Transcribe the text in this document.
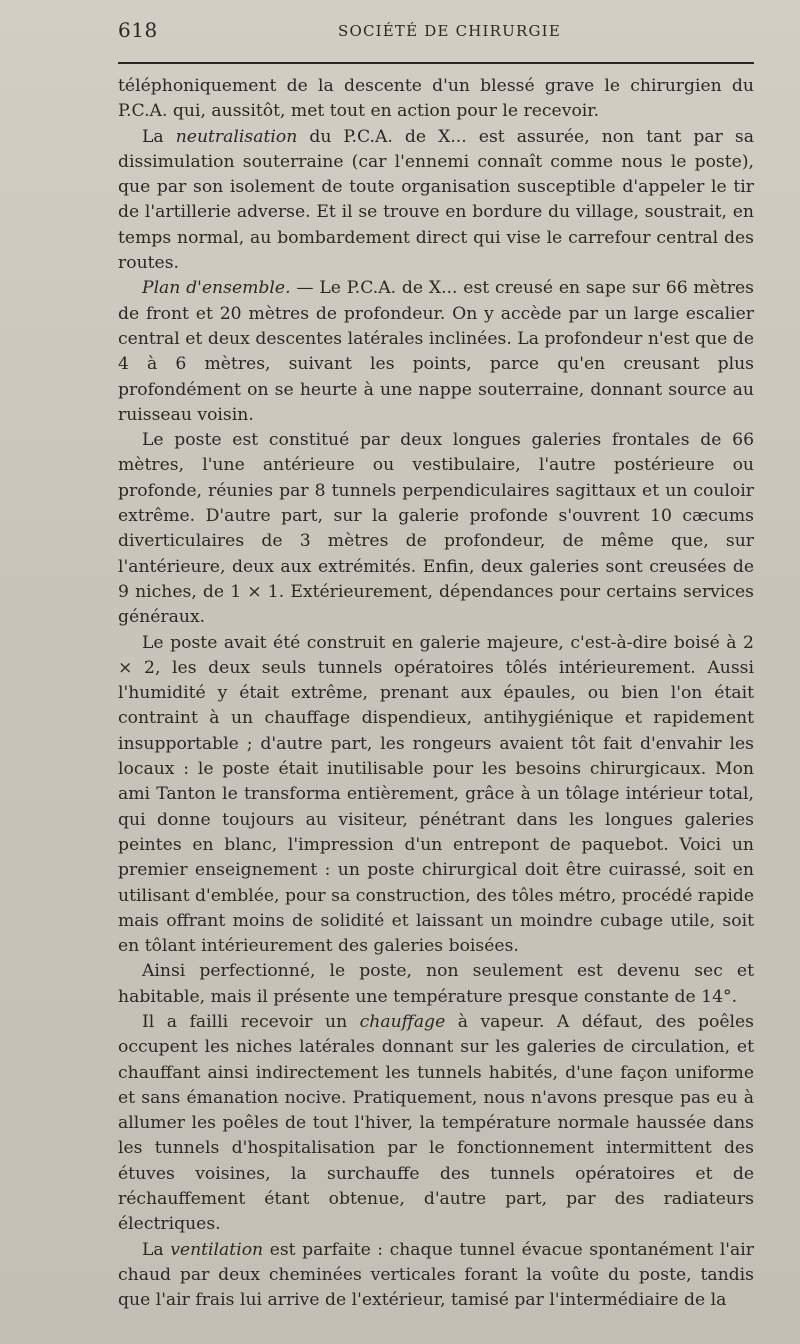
618	SOCIÉTÉ DE CHIRURGIE

téléphoniquement de la descente d'un blessé grave le chirurgien du P.C.A. qui, aussitôt, met tout en action pour le recevoir.

La neutralisation du P.C.A. de X... est assurée, non tant par sa dissimulation souterraine (car l'ennemi connaît comme nous le poste), que par son isolement de toute organisation susceptible d'appeler le tir de l'artillerie adverse. Et il se trouve en bordure du village, soustrait, en temps normal, au bombardement direct qui vise le carrefour central des routes.

Plan d'ensemble. — Le P.C.A. de X... est creusé en sape sur 66 mètres de front et 20 mètres de profondeur. On y accède par un large escalier central et deux descentes latérales inclinées. La profondeur n'est que de 4 à 6 mètres, suivant les points, parce qu'en creusant plus profondément on se heurte à une nappe souterraine, donnant source au ruisseau voisin.

Le poste est constitué par deux longues galeries frontales de 66 mètres, l'une antérieure ou vestibulaire, l'autre postérieure ou profonde, réunies par 8 tunnels perpendiculaires sagittaux et un couloir extrême. D'autre part, sur la galerie profonde s'ouvrent 10 cæcums diverticulaires de 3 mètres de profondeur, de même que, sur l'antérieure, deux aux extrémités. Enfin, deux galeries sont creusées de 9 niches, de 1 × 1. Extérieurement, dépendances pour certains services généraux.

Le poste avait été construit en galerie majeure, c'est-à-dire boisé à 2 × 2, les deux seuls tunnels opératoires tôlés intérieurement. Aussi l'humidité y était extrême, prenant aux épaules, ou bien l'on était contraint à un chauffage dispendieux, antihygiénique et rapidement insupportable ; d'autre part, les rongeurs avaient tôt fait d'envahir les locaux : le poste était inutilisable pour les besoins chirurgicaux. Mon ami Tanton le transforma entièrement, grâce à un tôlage intérieur total, qui donne toujours au visiteur, pénétrant dans les longues galeries peintes en blanc, l'impression d'un entrepont de paquebot. Voici un premier enseignement : un poste chirurgical doit être cuirassé, soit en utilisant d'emblée, pour sa construction, des tôles métro, procédé rapide mais offrant moins de solidité et laissant un moindre cubage utile, soit en tôlant intérieurement des galeries boisées.

Ainsi perfectionné, le poste, non seulement est devenu sec et habitable, mais il présente une température presque constante de 14°.

Il a failli recevoir un chauffage à vapeur. A défaut, des poêles occupent les niches latérales donnant sur les galeries de circulation, et chauffant ainsi indirectement les tunnels habités, d'une façon uniforme et sans émanation nocive. Pratiquement, nous n'avons presque pas eu à allumer les poêles de tout l'hiver, la température normale haussée dans les tunnels d'hospitalisation par le fonctionnement intermittent des étuves voisines, la surchauffe des tunnels opératoires et de réchauffement étant obtenue, d'autre part, par des radiateurs électriques.

La ventilation est parfaite : chaque tunnel évacue spontanément l'air chaud par deux cheminées verticales forant la voûte du poste, tandis que l'air frais lui arrive de l'extérieur, tamisé par l'intermédiaire de la
